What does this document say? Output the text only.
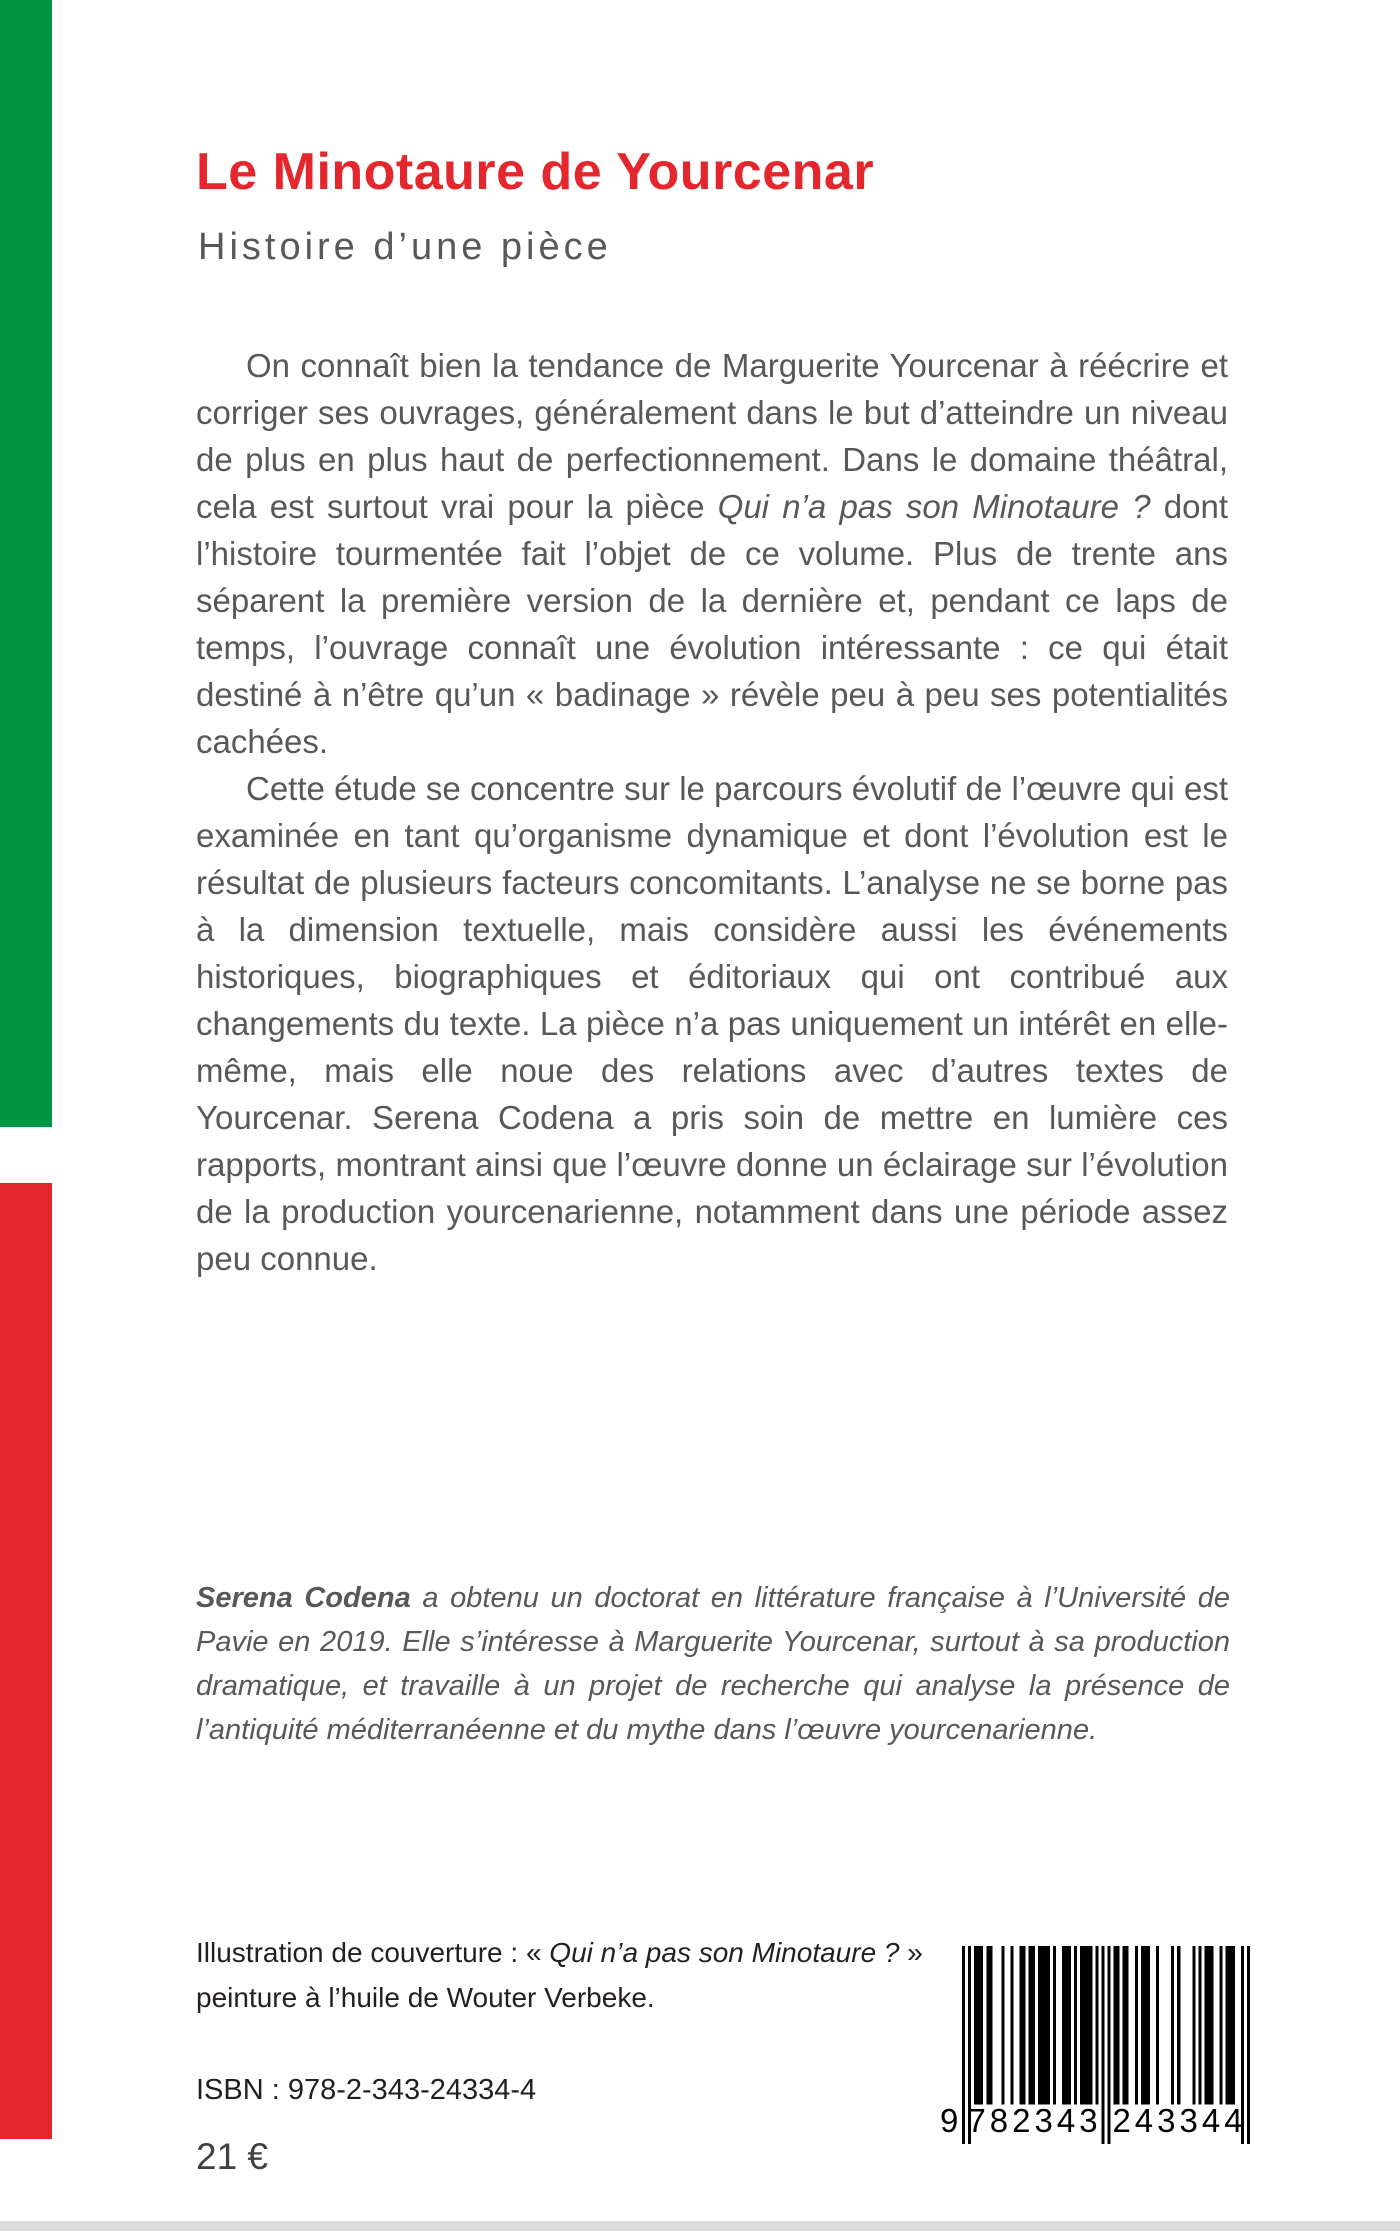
Le Minotaure de Yourcenar
Histoire d’une pièce

On connaît bien la tendance de Marguerite Yourcenar à réécrire et corriger ses ouvrages, généralement dans le but d’atteindre un niveau de plus en plus haut de perfectionnement. Dans le domaine théâtral, cela est surtout vrai pour la pièce Qui n’a pas son Minotaure ? dont l’histoire tourmentée fait l’objet de ce volume. Plus de trente ans séparent la première version de la dernière et, pendant ce laps de temps, l’ouvrage connaît une évolution intéressante : ce qui était destiné à n’être qu’un « badinage » révèle peu à peu ses potentialités cachées.

Cette étude se concentre sur le parcours évolutif de l’œuvre qui est examinée en tant qu’organisme dynamique et dont l’évolution est le résultat de plusieurs facteurs concomitants. L’analyse ne se borne pas à la dimension textuelle, mais considère aussi les événements historiques, biographiques et éditoriaux qui ont contribué aux changements du texte. La pièce n’a pas uniquement un intérêt en elle-même, mais elle noue des relations avec d’autres textes de Yourcenar. Serena Codena a pris soin de mettre en lumière ces rapports, montrant ainsi que l’œuvre donne un éclairage sur l’évolution de la production yourcenarienne, notamment dans une période assez peu connue.

Serena Codena a obtenu un doctorat en littérature française à l’Université de Pavie en 2019. Elle s’intéresse à Marguerite Yourcenar, surtout à sa production dramatique, et travaille à un projet de recherche qui analyse la présence de l’antiquité méditerranéenne et du mythe dans l’œuvre yourcenarienne.
Illustration de couverture : « Qui n’a pas son Minotaure ? »
peinture à l’huile de Wouter Verbeke.
ISBN : 978-2-343-24334-4
21 €
9 782343 243344
